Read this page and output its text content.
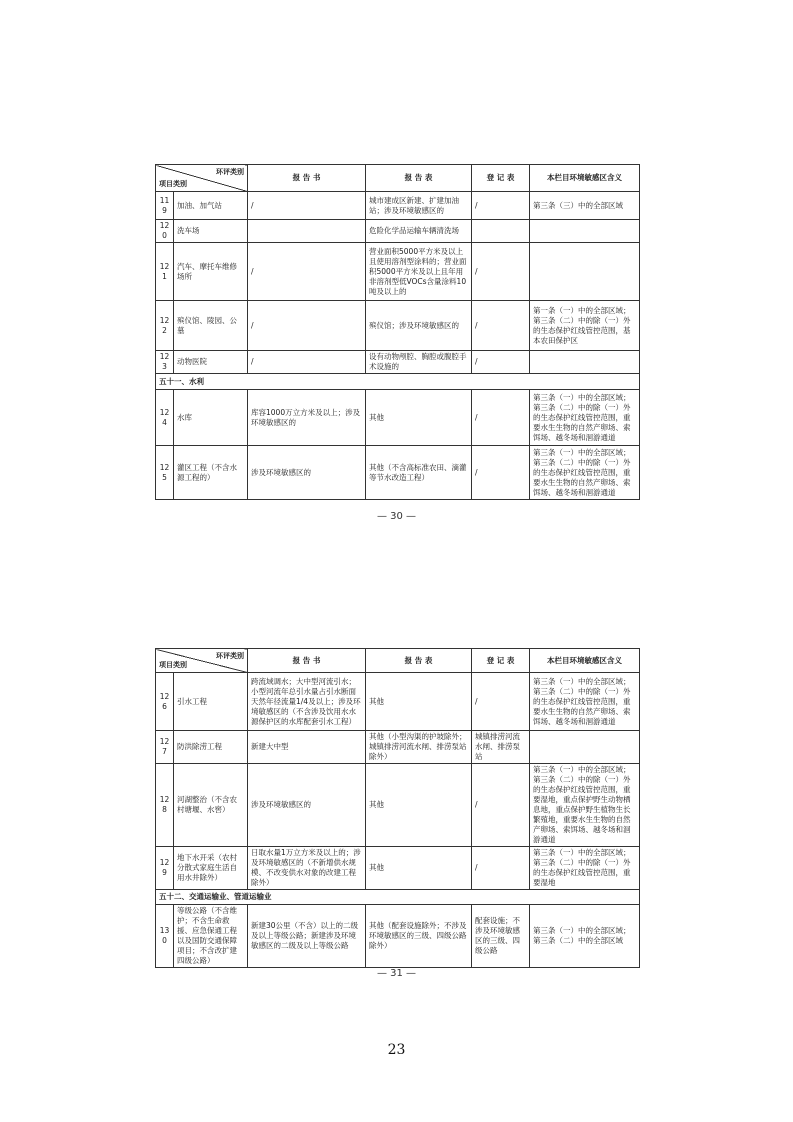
环评类别
项目类别		报 告 书	报 告 表	登 记 表	本栏目环境敏感区含义
119	加油、加气站	/	城市建成区新建、扩建加油站；涉及环境敏感区的	/	第三条（三）中的全部区域
120	洗车场		危险化学品运输车辆清洗场		
121	汽车、摩托车维修场所	/	营业面积5000平方米及以上且使用溶剂型涂料的；营业面积5000平方米及以上且年用非溶剂型低VOCs含量涂料10吨及以上的	/	
122	殡仪馆、陵园、公墓	/	殡仪馆；涉及环境敏感区的	/	第一条（一）中的全部区域；第三条（二）中的除（一）外的生态保护红线管控范围，基本农田保护区
123	动物医院	/	设有动物颅腔、胸腔或腹腔手术设施的	/	
五十一、水利					
124	水库	库容1000万立方米及以上；涉及环境敏感区的	其他	/	第三条（一）中的全部区域；第三条（二）中的除（一）外的生态保护红线管控范围，重要水生生物的自然产卵场、索饵场、越冬场和洄游通道
125	灌区工程（不含水源工程的）	涉及环境敏感区的	其他（不含高标准农田、滴灌等节水改造工程）	/	第三条（一）中的全部区域；第三条（二）中的除（一）外的生态保护红线管控范围，重要水生生物的自然产卵场、索饵场、越冬场和洄游通道
— 30 —
环评类别
项目类别		报 告 书	报 告 表	登 记 表	本栏目环境敏感区含义
126	引水工程	跨流域调水；大中型河流引水；小型河流年总引水量占引水断面天然年径流量1/4及以上；涉及环境敏感区的（不含涉及饮用水水源保护区的水库配套引水工程）	其他	/	第三条（一）中的全部区域；第三条（二）中的除（一）外的生态保护红线管控范围，重要水生生物的自然产卵场、索饵场、越冬场和洄游通道
127	防洪除涝工程	新建大中型	其他（小型沟渠的护坡除外；城镇排涝河流水闸、排涝泵站除外）	城镇排涝河流水闸、排涝泵站	
128	河湖整治（不含农村塘堰、水窖）	涉及环境敏感区的	其他	/	第三条（一）中的全部区域；第三条（二）中的除（一）外的生态保护红线管控范围，重要湿地，重点保护野生动物栖息地，重点保护野生植物生长繁殖地，重要水生生物的自然产卵场、索饵场、越冬场和洄游通道
129	地下水开采（农村分散式家庭生活自用水井除外）	日取水量1万立方米及以上的；涉及环境敏感区的（不新增供水规模、不改变供水对象的改建工程除外）	其他	/	第三条（一）中的全部区域；第三条（二）中的除（一）外的生态保护红线管控范围，重要湿地
五十二、交通运输业、管道运输业					
130	等级公路（不含维护；不含生命救援、应急保通工程以及国防交通保障项目；不含改扩建四级公路）	新建30公里（不含）以上的二级及以上等级公路；新建涉及环境敏感区的二级及以上等级公路	其他（配套设施除外；不涉及环境敏感区的三级、四级公路除外）	配套设施；不涉及环境敏感区的三级、四级公路	第三条（一）中的全部区域；第三条（二）中的全部区域
— 31 —
23
